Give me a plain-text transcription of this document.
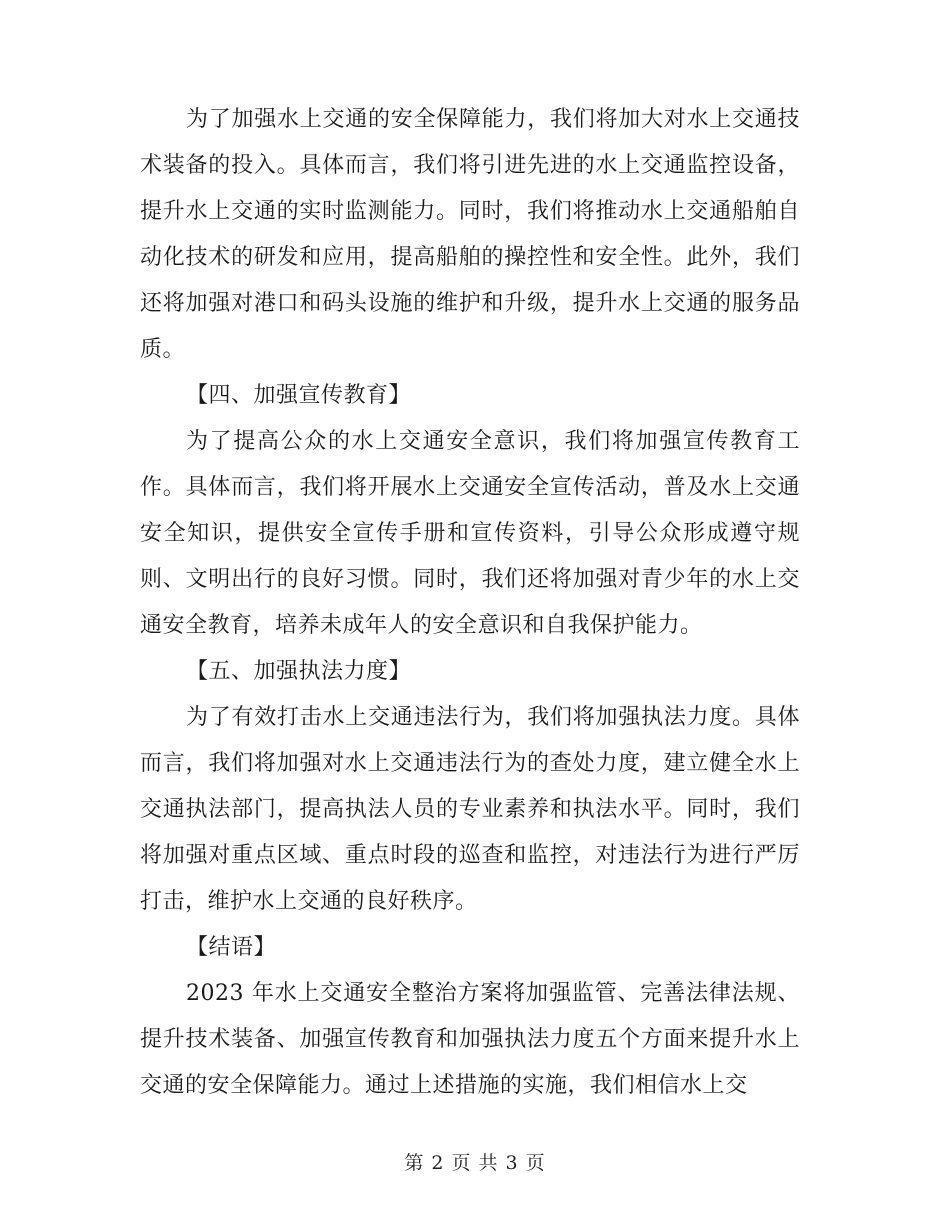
为了加强水上交通的安全保障能力，我们将加大对水上交通技术装备的投入。具体而言，我们将引进先进的水上交通监控设备，提升水上交通的实时监测能力。同时，我们将推动水上交通船舶自动化技术的研发和应用，提高船舶的操控性和安全性。此外，我们还将加强对港口和码头设施的维护和升级，提升水上交通的服务品质。

【四、加强宣传教育】

为了提高公众的水上交通安全意识，我们将加强宣传教育工作。具体而言，我们将开展水上交通安全宣传活动，普及水上交通安全知识，提供安全宣传手册和宣传资料，引导公众形成遵守规则、文明出行的良好习惯。同时，我们还将加强对青少年的水上交通安全教育，培养未成年人的安全意识和自我保护能力。

【五、加强执法力度】

为了有效打击水上交通违法行为，我们将加强执法力度。具体而言，我们将加强对水上交通违法行为的查处力度，建立健全水上交通执法部门，提高执法人员的专业素养和执法水平。同时，我们将加强对重点区域、重点时段的巡查和监控，对违法行为进行严厉打击，维护水上交通的良好秩序。

【结语】

2023 年水上交通安全整治方案将加强监管、完善法律法规、提升技术装备、加强宣传教育和加强执法力度五个方面来提升水上交通的安全保障能力。通过上述措施的实施，我们相信水上交

第 2 页 共 3 页
